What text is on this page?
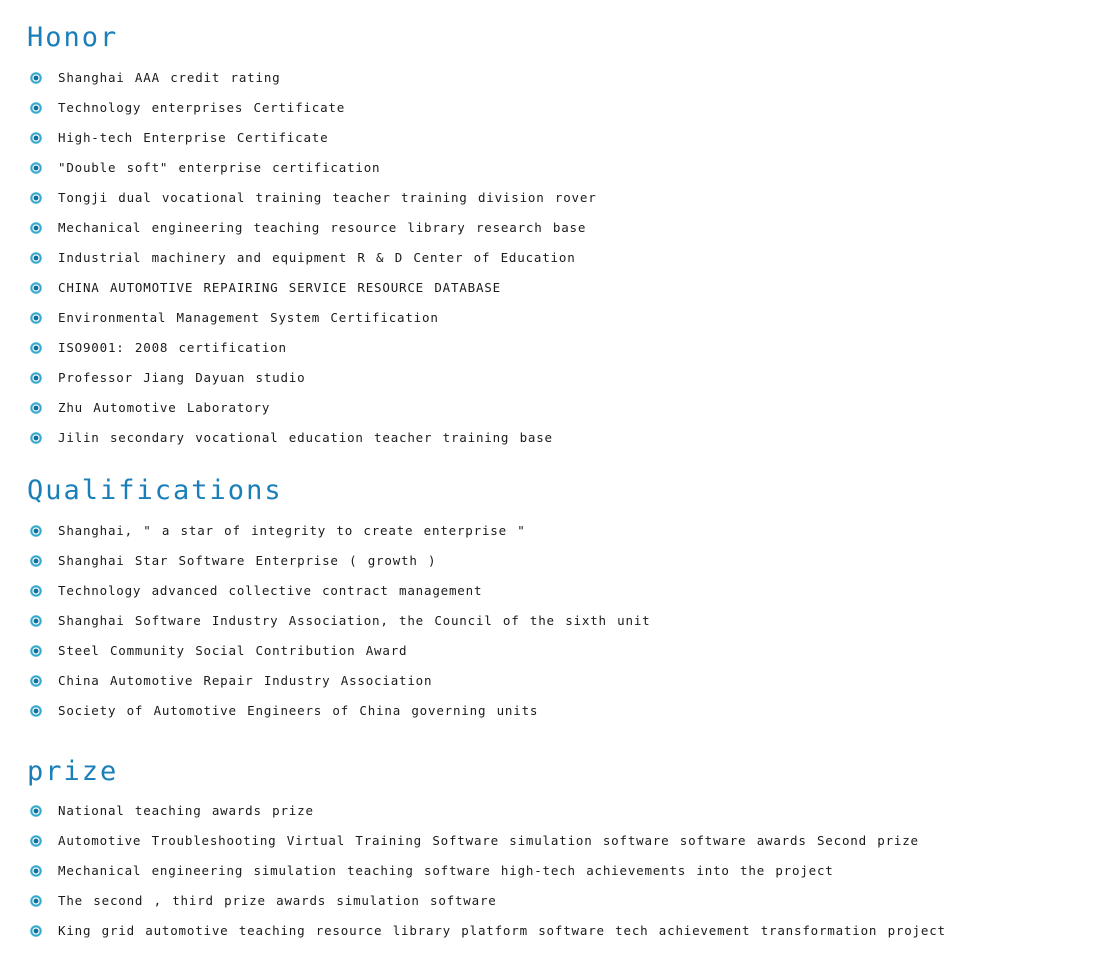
Honor
Shanghai AAA credit rating
Technology enterprises Certificate
High-tech Enterprise Certificate
"Double soft" enterprise certification
Tongji dual vocational training teacher training division rover
Mechanical engineering teaching resource library research base
Industrial machinery and equipment R & D Center of Education
CHINA AUTOMOTIVE REPAIRING SERVICE RESOURCE DATABASE
Environmental Management System Certification
ISO9001: 2008 certification
Professor Jiang Dayuan studio
Zhu Automotive Laboratory
Jilin secondary vocational education teacher training base
Qualifications
Shanghai, " a star of integrity to create enterprise "
Shanghai Star Software Enterprise ( growth )
Technology advanced collective contract management
Shanghai Software Industry Association, the Council of the sixth unit
Steel Community Social Contribution Award
China Automotive Repair Industry Association
Society of Automotive Engineers of China governing units
prize
National teaching awards prize
Automotive Troubleshooting Virtual Training Software simulation software software awards Second prize
Mechanical engineering simulation teaching software high-tech achievements into the project
The second , third prize awards simulation software
King grid automotive teaching resource library platform software tech achievement transformation project
